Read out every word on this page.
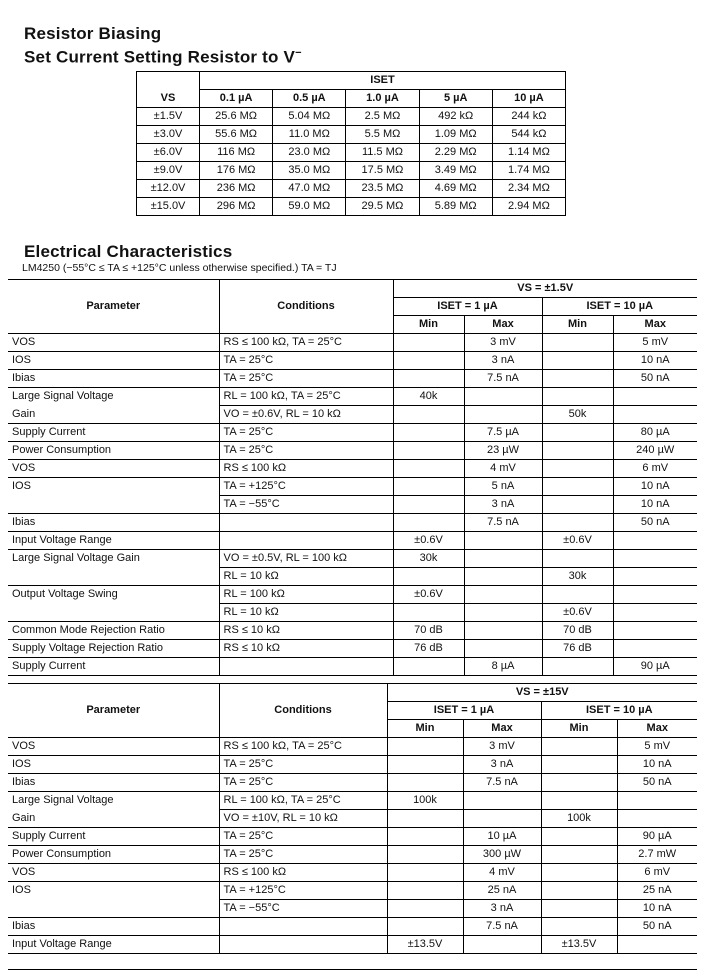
Resistor Biasing
Set Current Setting Resistor to V−
	ISET				
VS	0.1 µA	0.5 µA	1.0 µA	5 µA	10 µA
±1.5V	25.6 MΩ	5.04 MΩ	2.5 MΩ	492 kΩ	244 kΩ
±3.0V	55.6 MΩ	11.0 MΩ	5.5 MΩ	1.09 MΩ	544 kΩ
±6.0V	116 MΩ	23.0 MΩ	11.5 MΩ	2.29 MΩ	1.14 MΩ
±9.0V	176 MΩ	35.0 MΩ	17.5 MΩ	3.49 MΩ	1.74 MΩ
±12.0V	236 MΩ	47.0 MΩ	23.5 MΩ	4.69 MΩ	2.34 MΩ
±15.0V	296 MΩ	59.0 MΩ	29.5 MΩ	5.89 MΩ	2.94 MΩ
Electrical Characteristics
LM4250 (−55°C ≤ TA ≤ +125°C unless otherwise specified.) TA = TJ
Parameter	Conditions	VS = ±1.5V			
		ISET = 1 µA		ISET = 10 µA	
		Min	Max	Min	Max
VOS	RS ≤ 100 kΩ, TA = 25°C		3 mV		5 mV
IOS	TA = 25°C		3 nA		10 nA
Ibias	TA = 25°C		7.5 nA		50 nA
Large Signal Voltage	RL = 100 kΩ, TA = 25°C	40k			
Gain	VO = ±0.6V, RL = 10 kΩ			50k	
Supply Current	TA = 25°C		7.5 µA		80 µA
Power Consumption	TA = 25°C		23 µW		240 µW
VOS	RS ≤ 100 kΩ		4 mV		6 mV
IOS	TA = +125°C		5 nA		10 nA
	TA = −55°C		3 nA		10 nA
Ibias			7.5 nA		50 nA
Input Voltage Range		±0.6V		±0.6V	
Large Signal Voltage Gain	VO = ±0.5V, RL = 100 kΩ	30k			
	RL = 10 kΩ			30k	
Output Voltage Swing	RL = 100 kΩ	±0.6V			
	RL = 10 kΩ			±0.6V	
Common Mode Rejection Ratio	RS ≤ 10 kΩ	70 dB		70 dB	
Supply Voltage Rejection Ratio	RS ≤ 10 kΩ	76 dB		76 dB	
Supply Current			8 µA		90 µA
Parameter	Conditions	VS = ±15V			
		ISET = 1 µA		ISET = 10 µA	
		Min	Max	Min	Max
VOS	RS ≤ 100 kΩ, TA = 25°C		3 mV		5 mV
IOS	TA = 25°C		3 nA		10 nA
Ibias	TA = 25°C		7.5 nA		50 nA
Large Signal Voltage	RL = 100 kΩ, TA = 25°C	100k			
Gain	VO = ±10V, RL = 10 kΩ			100k	
Supply Current	TA = 25°C		10 µA		90 µA
Power Consumption	TA = 25°C		300 µW		2.7 mW
VOS	RS ≤ 100 kΩ		4 mV		6 mV
IOS	TA = +125°C		25 nA		25 nA
	TA = −55°C		3 nA		10 nA
Ibias			7.5 nA		50 nA
Input Voltage Range		±13.5V		±13.5V	
